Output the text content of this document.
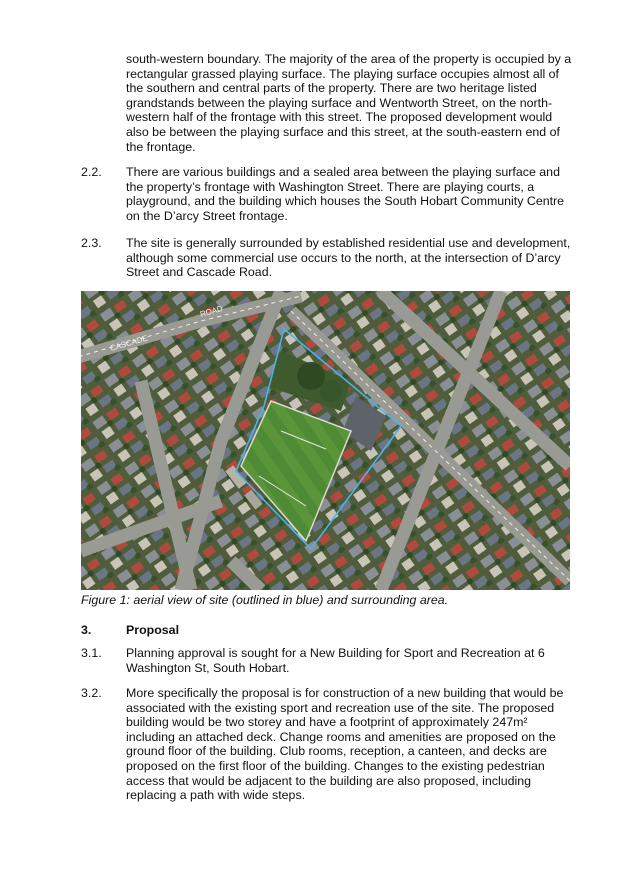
south-western boundary. The majority of the area of the property is occupied by a rectangular grassed playing surface. The playing surface occupies almost all of the southern and central parts of the property. There are two heritage listed grandstands between the playing surface and Wentworth Street, on the north-western half of the frontage with this street. The proposed development would also be between the playing surface and this street, at the south-eastern end of the frontage.

2.2. There are various buildings and a sealed area between the playing surface and the property’s frontage with Washington Street. There are playing courts, a playground, and the building which houses the South Hobart Community Centre on the D’arcy Street frontage.

2.3. The site is generally surrounded by established residential use and development, although some commercial use occurs to the north, at the intersection of D’arcy Street and Cascade Road.

ROAD
CASCADE
Figure 1: aerial view of site (outlined in blue) and surrounding area.
3.	Proposal
3.1. Planning approval is sought for a New Building for Sport and Recreation at 6 Washington St, South Hobart.

3.2. More specifically the proposal is for construction of a new building that would be associated with the existing sport and recreation use of the site. The proposed building would be two storey and have a footprint of approximately 247m² including an attached deck. Change rooms and amenities are proposed on the ground floor of the building. Club rooms, reception, a canteen, and decks are proposed on the first floor of the building. Changes to the existing pedestrian access that would be adjacent to the building are also proposed, including replacing a path with wide steps.
